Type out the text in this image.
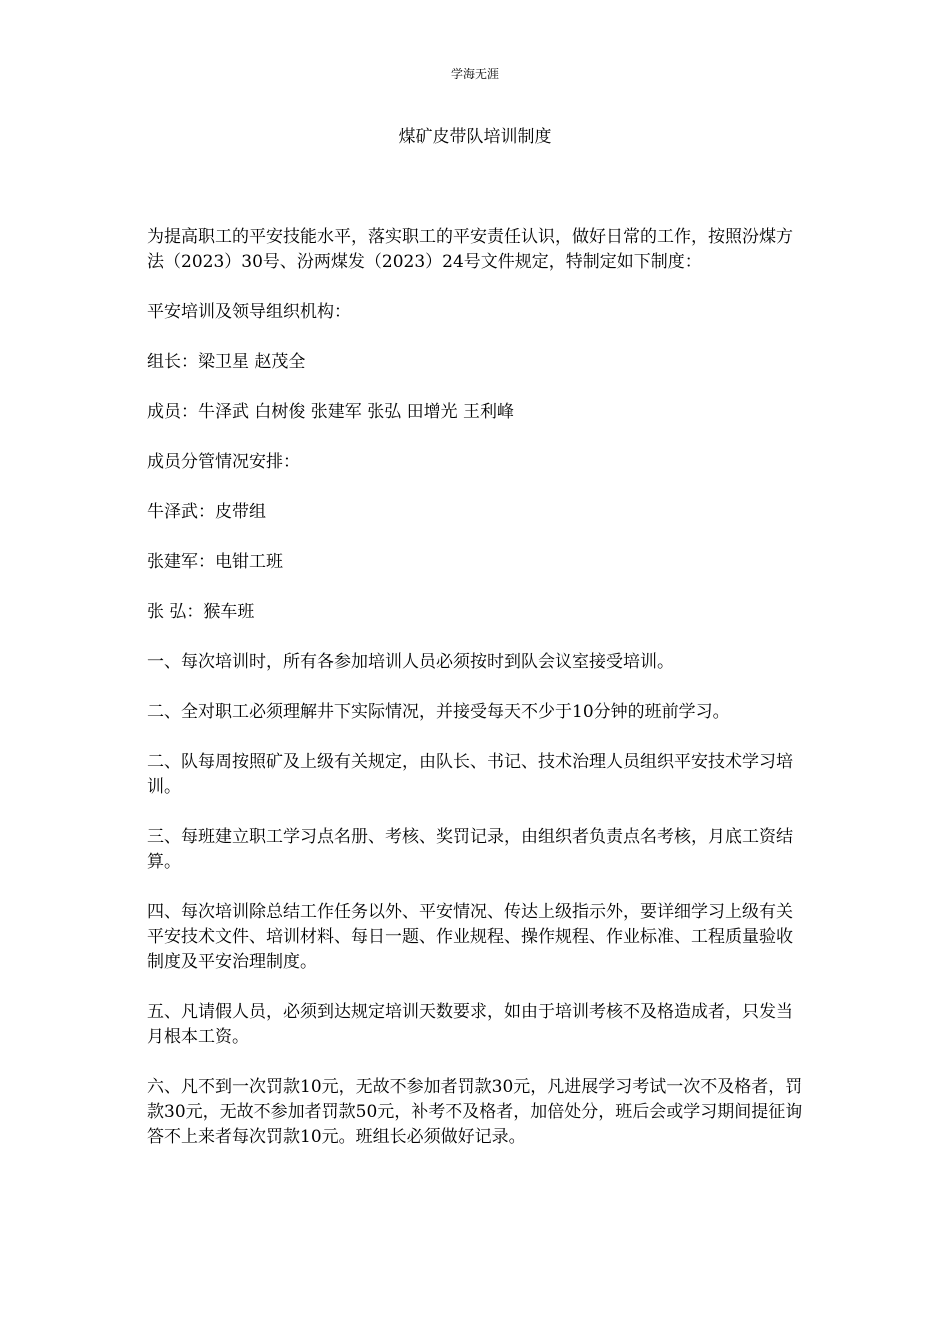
学海无涯
煤矿皮带队培训制度

为提高职工的平安技能水平，落实职工的平安责任认识，做好日常的工作，按照汾煤方法（2023）30号、汾两煤发（2023）24号文件规定，特制定如下制度：

平安培训及领导组织机构：

组长：梁卫星 赵茂全

成员：牛泽武 白树俊 张建军 张弘 田增光 王利峰

成员分管情况安排：

牛泽武：皮带组

张建军：电钳工班

张 弘：猴车班

一、每次培训时，所有各参加培训人员必须按时到队会议室接受培训。

二、全对职工必须理解井下实际情况，并接受每天不少于10分钟的班前学习。

二、队每周按照矿及上级有关规定，由队长、书记、技术治理人员组织平安技术学习培训。

三、每班建立职工学习点名册、考核、奖罚记录，由组织者负责点名考核，月底工资结算。

四、每次培训除总结工作任务以外、平安情况、传达上级指示外，要详细学习上级有关平安技术文件、培训材料、每日一题、作业规程、操作规程、作业标准、工程质量验收制度及平安治理制度。

五、凡请假人员，必须到达规定培训天数要求，如由于培训考核不及格造成者，只发当月根本工资。

六、凡不到一次罚款10元，无故不参加者罚款30元，凡进展学习考试一次不及格者，罚款30元，无故不参加者罚款50元，补考不及格者，加倍处分，班后会或学习期间提征询答不上来者每次罚款10元。班组长必须做好记录。
